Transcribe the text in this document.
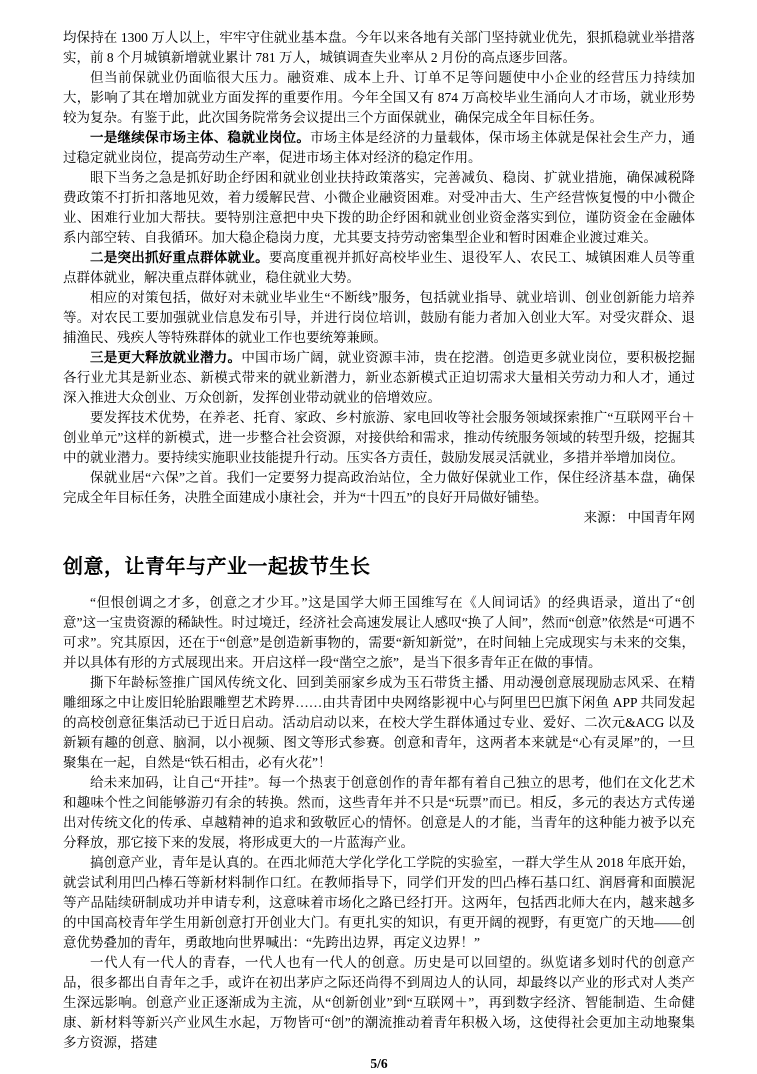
均保持在 1300 万人以上，牢牢守住就业基本盘。今年以来各地有关部门坚持就业优先，狠抓稳就业举措落实，前 8 个月城镇新增就业累计 781 万人，城镇调查失业率从 2 月份的高点逐步回落。

但当前保就业仍面临很大压力。融资难、成本上升、订单不足等问题使中小企业的经营压力持续加大，影响了其在增加就业方面发挥的重要作用。今年全国又有 874 万高校毕业生涌向人才市场，就业形势较为复杂。有鉴于此，此次国务院常务会议提出三个方面保就业，确保完成全年目标任务。

一是继续保市场主体、稳就业岗位。市场主体是经济的力量载体，保市场主体就是保社会生产力，通过稳定就业岗位，提高劳动生产率，促进市场主体对经济的稳定作用。

眼下当务之急是抓好助企纾困和就业创业扶持政策落实，完善减负、稳岗、扩就业措施，确保减税降费政策不打折扣落地见效，着力缓解民营、小微企业融资困难。对受冲击大、生产经营恢复慢的中小微企业、困难行业加大帮扶。要特别注意把中央下拨的助企纾困和就业创业资金落实到位，谨防资金在金融体系内部空转、自我循环。加大稳企稳岗力度，尤其要支持劳动密集型企业和暂时困难企业渡过难关。

二是突出抓好重点群体就业。要高度重视并抓好高校毕业生、退役军人、农民工、城镇困难人员等重点群体就业，解决重点群体就业，稳住就业大势。

相应的对策包括，做好对未就业毕业生“不断线”服务，包括就业指导、就业培训、创业创新能力培养等。对农民工要加强就业信息发布引导，并进行岗位培训，鼓励有能力者加入创业大军。对受灾群众、退捕渔民、残疾人等特殊群体的就业工作也要统筹兼顾。

三是更大释放就业潜力。中国市场广阔，就业资源丰沛，贵在挖潜。创造更多就业岗位，要积极挖掘各行业尤其是新业态、新模式带来的就业新潜力，新业态新模式正迫切需求大量相关劳动力和人才，通过深入推进大众创业、万众创新，发挥创业带动就业的倍增效应。

要发挥技术优势，在养老、托育、家政、乡村旅游、家电回收等社会服务领域探索推广“互联网平台＋创业单元”这样的新模式，进一步整合社会资源，对接供给和需求，推动传统服务领域的转型升级，挖掘其中的就业潜力。要持续实施职业技能提升行动。压实各方责任，鼓励发展灵活就业，多措并举增加岗位。

保就业居“六保”之首。我们一定要努力提高政治站位，全力做好保就业工作，保住经济基本盘，确保完成全年目标任务，决胜全面建成小康社会，并为“十四五”的良好开局做好铺垫。

来源： 中国青年网

创意，让青年与产业一起拔节生长

“但恨创调之才多，创意之才少耳。”这是国学大师王国维写在《人间词话》的经典语录，道出了“创意”这一宝贵资源的稀缺性。时过境迁，经济社会高速发展让人感叹“换了人间”，然而“创意”依然是“可遇不可求”。究其原因，还在于“创意”是创造新事物的，需要“新知新觉”，在时间轴上完成现实与未来的交集，并以具体有形的方式展现出来。开启这样一段“凿空之旅”，是当下很多青年正在做的事情。

撕下年龄标签推广国风传统文化、回到美丽家乡成为玉石带货主播、用动漫创意展现励志风采、在精雕细琢之中让废旧轮胎跟雕塑艺术跨界……由共青团中央网络影视中心与阿里巴巴旗下闲鱼 APP 共同发起的高校创意征集活动已于近日启动。活动启动以来，在校大学生群体通过专业、爱好、二次元&ACG 以及新颖有趣的创意、脑洞，以小视频、图文等形式参赛。创意和青年，这两者本来就是“心有灵犀”的，一旦聚集在一起，自然是“铁石相击，必有火花”！

给未来加码，让自己“开挂”。每一个热衷于创意创作的青年都有着自己独立的思考，他们在文化艺术和趣味个性之间能够游刃有余的转换。然而，这些青年并不只是“玩票”而已。相反，多元的表达方式传递出对传统文化的传承、卓越精神的追求和致敬匠心的情怀。创意是人的才能，当青年的这种能力被予以充分释放，那它接下来的发展，将形成更大的一片蓝海产业。

搞创意产业，青年是认真的。在西北师范大学化学化工学院的实验室，一群大学生从 2018 年底开始，就尝试利用凹凸棒石等新材料制作口红。在教师指导下，同学们开发的凹凸棒石基口红、润唇膏和面膜泥等产品陆续研制成功并申请专利，这意味着市场化之路已经打开。这两年，包括西北师大在内，越来越多的中国高校青年学生用新创意打开创业大门。有更扎实的知识，有更开阔的视野，有更宽广的天地——创意优势叠加的青年，勇敢地向世界喊出：“先跨出边界，再定义边界！”

一代人有一代人的青春，一代人也有一代人的创意。历史是可以回望的。纵览诸多划时代的创意产品，很多都出自青年之手，或许在初出茅庐之际还尚得不到周边人的认同，却最终以产业的形式对人类产生深远影响。创意产业正逐渐成为主流，从“创新创业”到“互联网＋”，再到数字经济、智能制造、生命健康、新材料等新兴产业风生水起，万物皆可“创”的潮流推动着青年积极入场，这使得社会更加主动地聚集多方资源，搭建

5/6
